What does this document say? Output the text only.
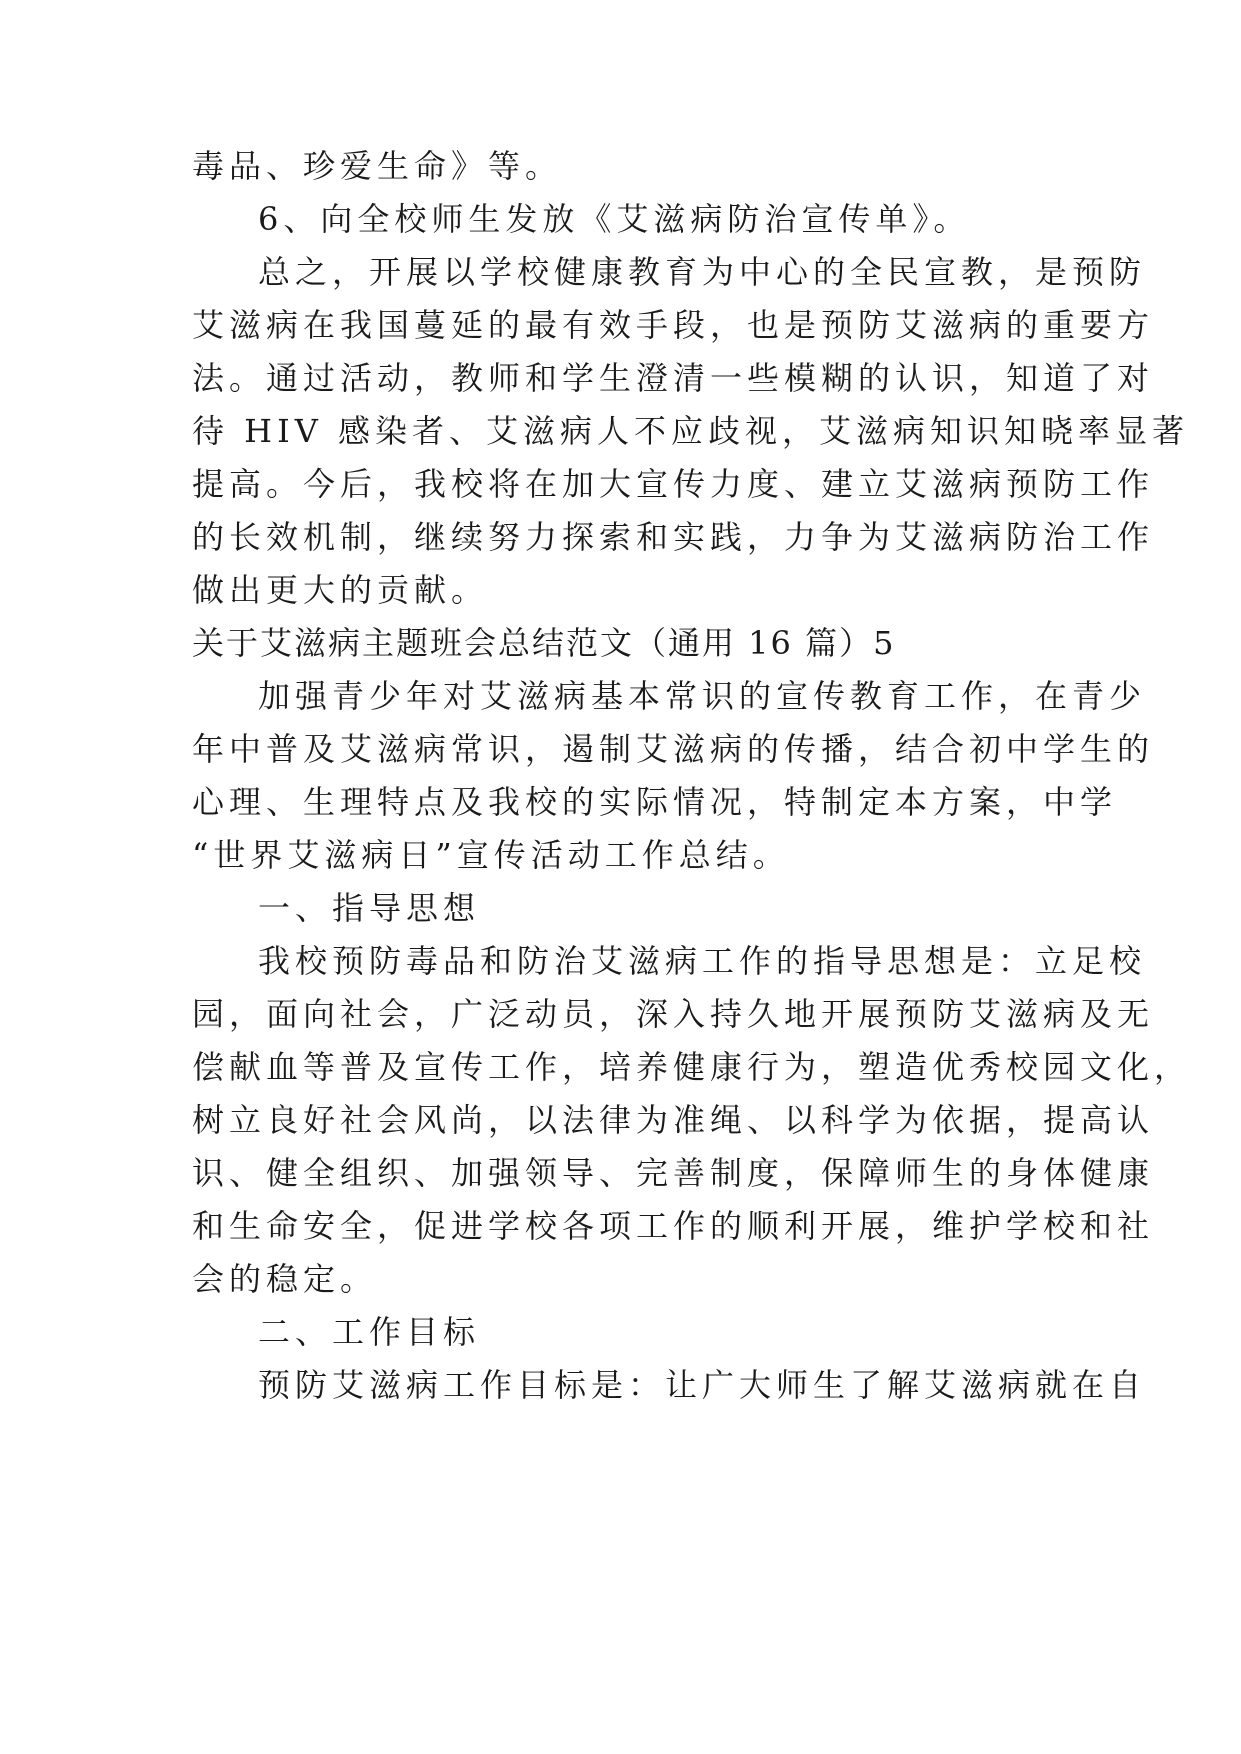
毒品、珍爱生命》等。
6、向全校师生发放《艾滋病防治宣传单》。
总之，开展以学校健康教育为中心的全民宣教，是预防
艾滋病在我国蔓延的最有效手段，也是预防艾滋病的重要方
法。通过活动，教师和学生澄清一些模糊的认识，知道了对
待 HIV 感染者、艾滋病人不应歧视，艾滋病知识知晓率显著
提高。今后，我校将在加大宣传力度、建立艾滋病预防工作
的长效机制，继续努力探索和实践，力争为艾滋病防治工作
做出更大的贡献。
关于艾滋病主题班会总结范文（通用 16 篇）5
加强青少年对艾滋病基本常识的宣传教育工作，在青少
年中普及艾滋病常识，遏制艾滋病的传播，结合初中学生的
心理、生理特点及我校的实际情况，特制定本方案，中学
“世界艾滋病日”宣传活动工作总结。
一、指导思想
我校预防毒品和防治艾滋病工作的指导思想是：立足校
园，面向社会，广泛动员，深入持久地开展预防艾滋病及无
偿献血等普及宣传工作，培养健康行为，塑造优秀校园文化，
树立良好社会风尚，以法律为准绳、以科学为依据，提高认
识、健全组织、加强领导、完善制度，保障师生的身体健康
和生命安全，促进学校各项工作的顺利开展，维护学校和社
会的稳定。
二、工作目标
预防艾滋病工作目标是：让广大师生了解艾滋病就在自
